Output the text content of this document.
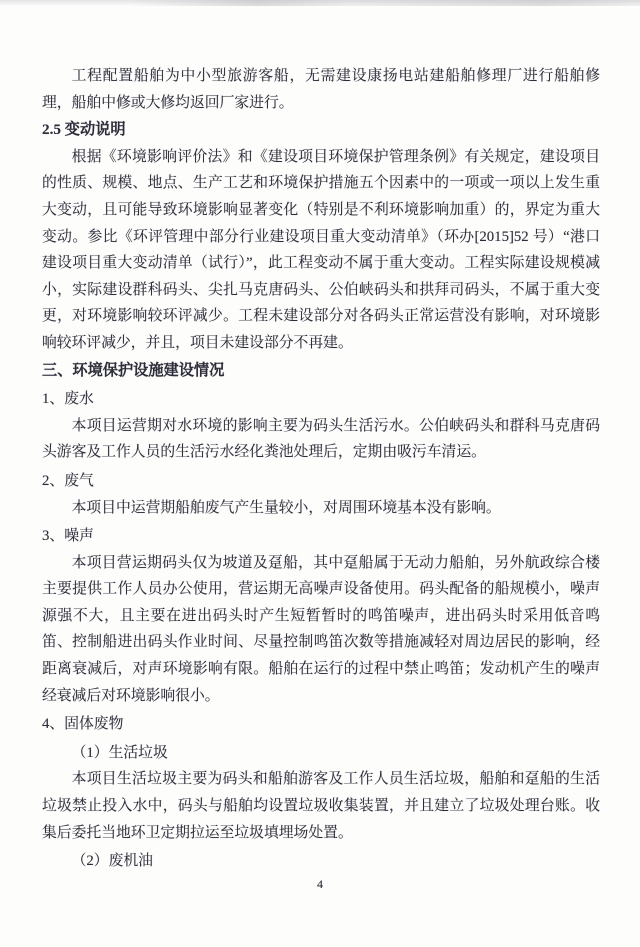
工程配置船舶为中小型旅游客船，无需建设康扬电站建船舶修理厂进行船舶修理，船舶中修或大修均返回厂家进行。

2.5 变动说明

根据《环境影响评价法》和《建设项目环境保护管理条例》有关规定，建设项目的性质、规模、地点、生产工艺和环境保护措施五个因素中的一项或一项以上发生重大变动，且可能导致环境影响显著变化（特别是不利环境影响加重）的，界定为重大变动。参比《环评管理中部分行业建设项目重大变动清单》（环办[2015]52 号）“港口建设项目重大变动清单（试行）”，此工程变动不属于重大变动。工程实际建设规模减小，实际建设群科码头、尖扎马克唐码头、公伯峡码头和拱拜司码头，不属于重大变更，对环境影响较环评减少。工程未建设部分对各码头正常运营没有影响，对环境影响较环评减少，并且，项目未建设部分不再建。

三、环境保护设施建设情况

1、废水

本项目运营期对水环境的影响主要为码头生活污水。公伯峡码头和群科马克唐码头游客及工作人员的生活污水经化粪池处理后，定期由吸污车清运。

2、废气

本项目中运营期船舶废气产生量较小，对周围环境基本没有影响。

3、噪声

本项目营运期码头仅为坡道及趸船，其中趸船属于无动力船舶，另外航政综合楼主要提供工作人员办公使用，营运期无高噪声设备使用。码头配备的船规模小，噪声源强不大，且主要在进出码头时产生短暂暂时的鸣笛噪声，进出码头时采用低音鸣笛、控制船进出码头作业时间、尽量控制鸣笛次数等措施减轻对周边居民的影响，经距离衰减后，对声环境影响有限。船舶在运行的过程中禁止鸣笛；发动机产生的噪声经衰减后对环境影响很小。

4、固体废物

（1）生活垃圾

本项目生活垃圾主要为码头和船舶游客及工作人员生活垃圾，船舶和趸船的生活垃圾禁止投入水中，码头与船舶均设置垃圾收集装置，并且建立了垃圾处理台账。收集后委托当地环卫定期拉运至垃圾填埋场处置。

（2）废机油

4
